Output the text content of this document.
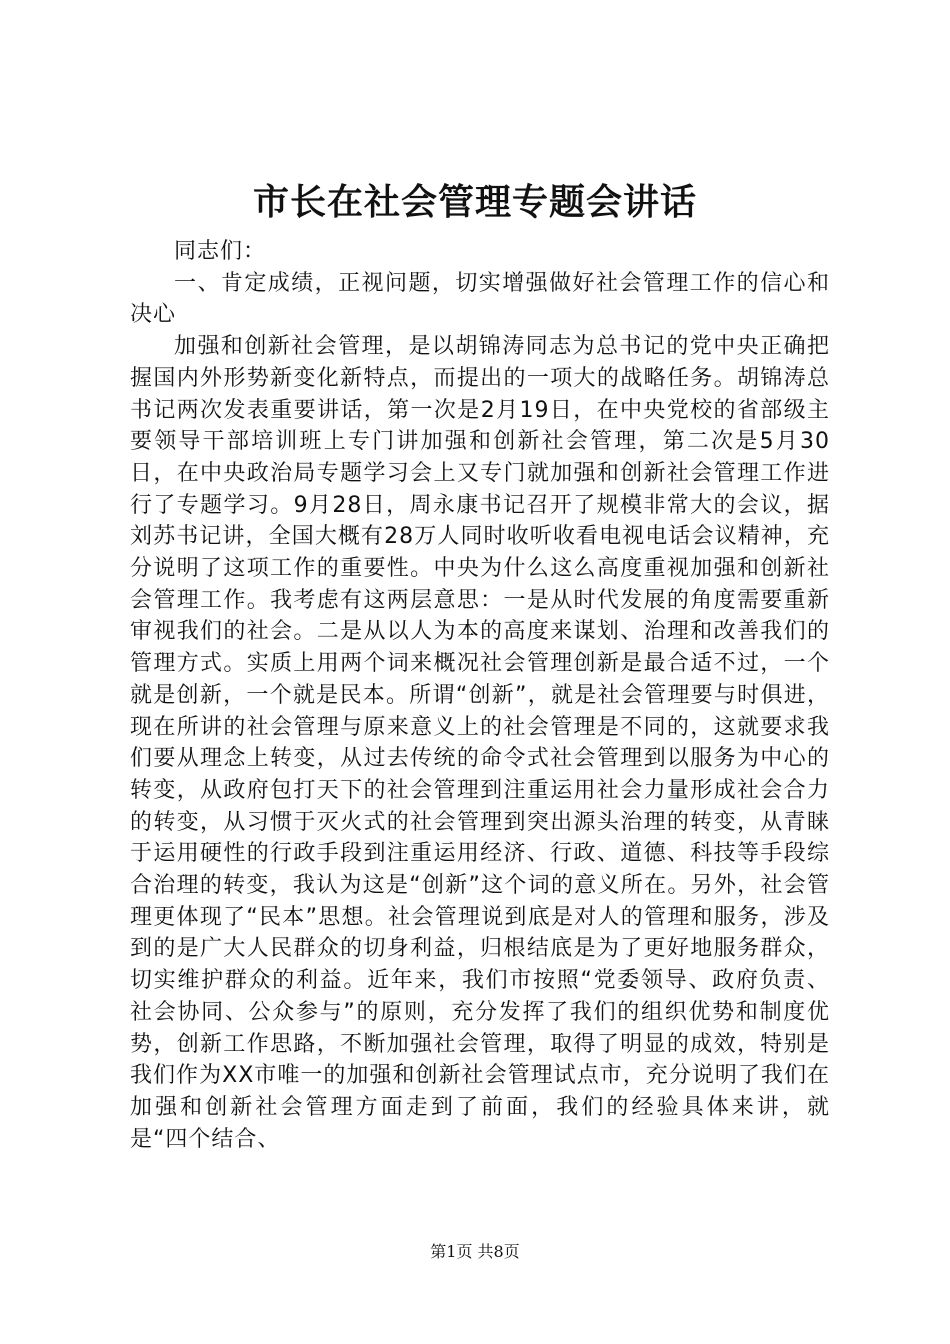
市长在社会管理专题会讲话

同志们：

一、肯定成绩，正视问题，切实增强做好社会管理工作的信心和决心

加强和创新社会管理，是以胡锦涛同志为总书记的党中央正确把握国内外形势新变化新特点，而提出的一项大的战略任务。胡锦涛总书记两次发表重要讲话，第一次是2月19日，在中央党校的省部级主要领导干部培训班上专门讲加强和创新社会管理，第二次是5月30日，在中央政治局专题学习会上又专门就加强和创新社会管理工作进行了专题学习。9月28日，周永康书记召开了规模非常大的会议，据刘苏书记讲，全国大概有28万人同时收听收看电视电话会议精神，充分说明了这项工作的重要性。中央为什么这么高度重视加强和创新社会管理工作。我考虑有这两层意思：一是从时代发展的角度需要重新审视我们的社会。二是从以人为本的高度来谋划、治理和改善我们的管理方式。实质上用两个词来概况社会管理创新是最合适不过，一个就是创新，一个就是民本。所谓“创新”，就是社会管理要与时俱进，现在所讲的社会管理与原来意义上的社会管理是不同的，这就要求我们要从理念上转变，从过去传统的命令式社会管理到以服务为中心的转变，从政府包打天下的社会管理到注重运用社会力量形成社会合力的转变，从习惯于灭火式的社会管理到突出源头治理的转变，从青睐于运用硬性的行政手段到注重运用经济、行政、道德、科技等手段综合治理的转变，我认为这是“创新”这个词的意义所在。另外，社会管理更体现了“民本”思想。社会管理说到底是对人的管理和服务，涉及到的是广大人民群众的切身利益，归根结底是为了更好地服务群众，切实维护群众的利益。近年来，我们市按照“党委领导、政府负责、社会协同、公众参与”的原则，充分发挥了我们的组织优势和制度优势，创新工作思路，不断加强社会管理，取得了明显的成效，特别是我们作为XX市唯一的加强和创新社会管理试点市，充分说明了我们在加强和创新社会管理方面走到了前面，我们的经验具体来讲，就是“四个结合、

第1页 共8页
